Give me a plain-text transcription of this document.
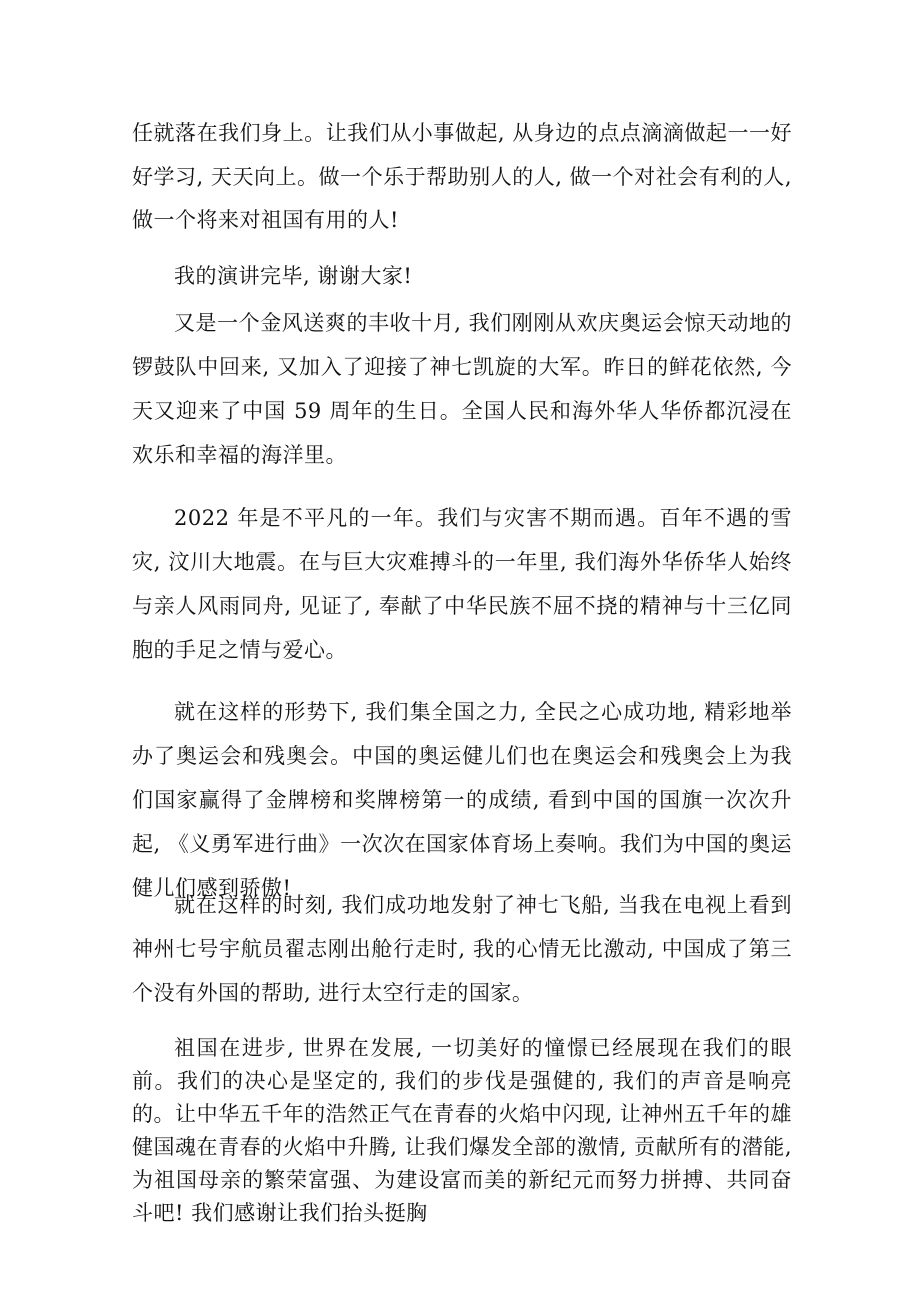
任就落在我们身上。让我们从小事做起, 从身边的点点滴滴做起一一好好学习, 天天向上。做一个乐于帮助别人的人, 做一个对社会有利的人, 做一个将来对祖国有用的人!

我的演讲完毕, 谢谢大家!

又是一个金风送爽的丰收十月, 我们刚刚从欢庆奥运会惊天动地的锣鼓队中回来, 又加入了迎接了神七凯旋的大军。昨日的鲜花依然, 今天又迎来了中国 59 周年的生日。全国人民和海外华人华侨都沉浸在欢乐和幸福的海洋里。

2022 年是不平凡的一年。我们与灾害不期而遇。百年不遇的雪灾, 汶川大地震。在与巨大灾难搏斗的一年里, 我们海外华侨华人始终与亲人风雨同舟, 见证了, 奉献了中华民族不屈不挠的精神与十三亿同胞的手足之情与爱心。

就在这样的形势下, 我们集全国之力, 全民之心成功地, 精彩地举办了奥运会和残奥会。中国的奥运健儿们也在奥运会和残奥会上为我们国家赢得了金牌榜和奖牌榜第一的成绩, 看到中国的国旗一次次升起, 《义勇军进行曲》一次次在国家体育场上奏响。我们为中国的奥运健儿们感到骄傲!

就在这样的时刻, 我们成功地发射了神七飞船, 当我在电视上看到神州七号宇航员翟志刚出舱行走时, 我的心情无比激动, 中国成了第三个没有外国的帮助, 进行太空行走的国家。

祖国在进步, 世界在发展, 一切美好的憧憬已经展现在我们的眼前。我们的决心是坚定的, 我们的步伐是强健的, 我们的声音是响亮的。让中华五千年的浩然正气在青春的火焰中闪现, 让神州五千年的雄健国魂在青春的火焰中升腾, 让我们爆发全部的激情, 贡献所有的潜能, 为祖国母亲的繁荣富强、为建设富而美的新纪元而努力拼搏、共同奋斗吧! 我们感谢让我们抬头挺胸
